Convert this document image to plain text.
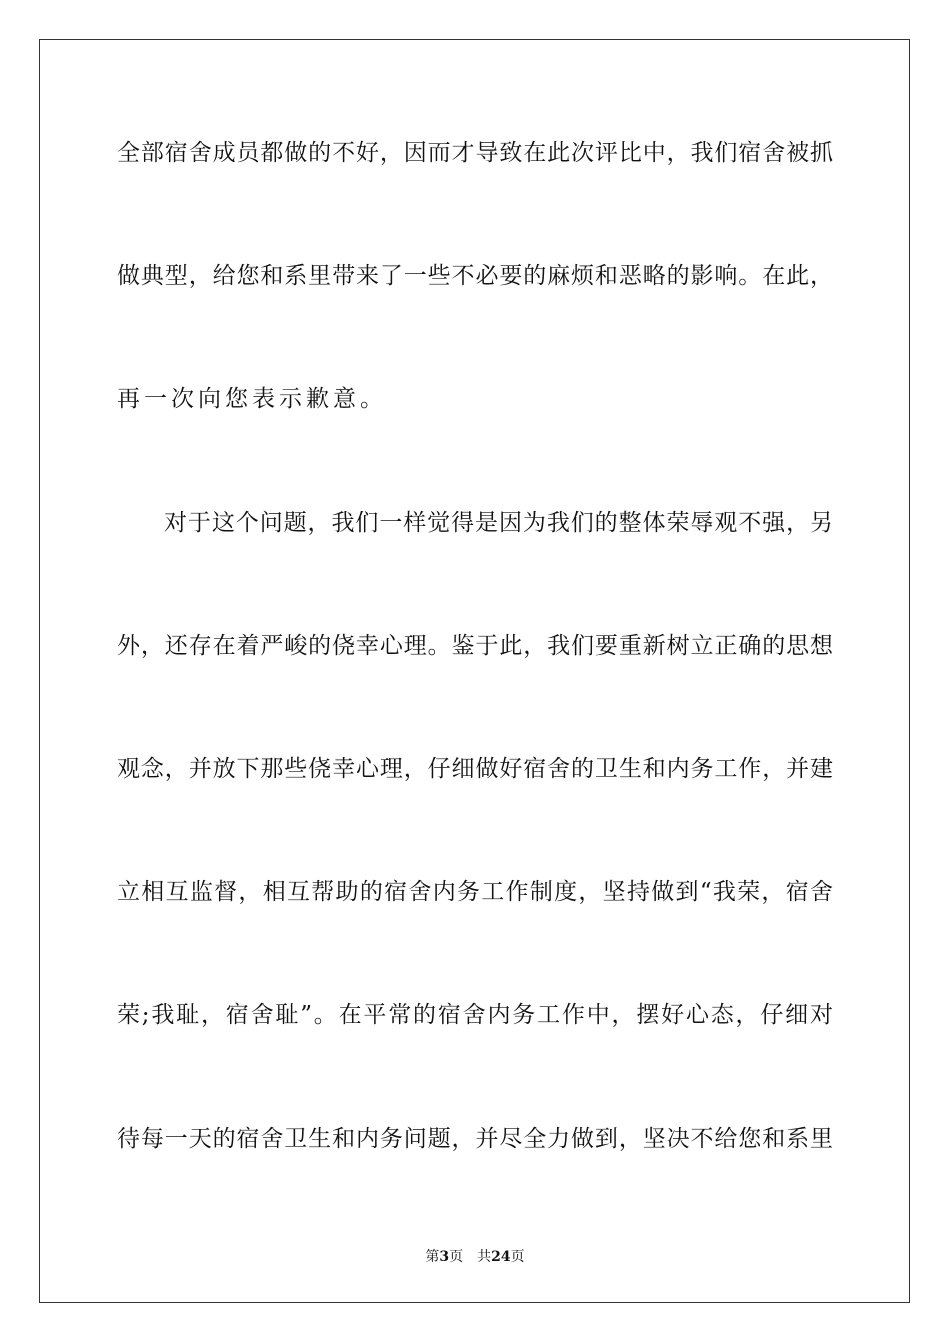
全部宿舍成员都做的不好，因而才导致在此次评比中，我们宿舍被抓
做典型，给您和系里带来了一些不必要的麻烦和恶略的影响。在此，
再一次向您表示歉意。
对于这个问题，我们一样觉得是因为我们的整体荣辱观不强，另
外，还存在着严峻的侥幸心理。鉴于此，我们要重新树立正确的思想
观念，并放下那些侥幸心理，仔细做好宿舍的卫生和内务工作，并建
立相互监督，相互帮助的宿舍内务工作制度，坚持做到“我荣，宿舍
荣;我耻，宿舍耻”。在平常的宿舍内务工作中，摆好心态，仔细对
待每一天的宿舍卫生和内务问题，并尽全力做到，坚决不给您和系里
第3页 共24页
